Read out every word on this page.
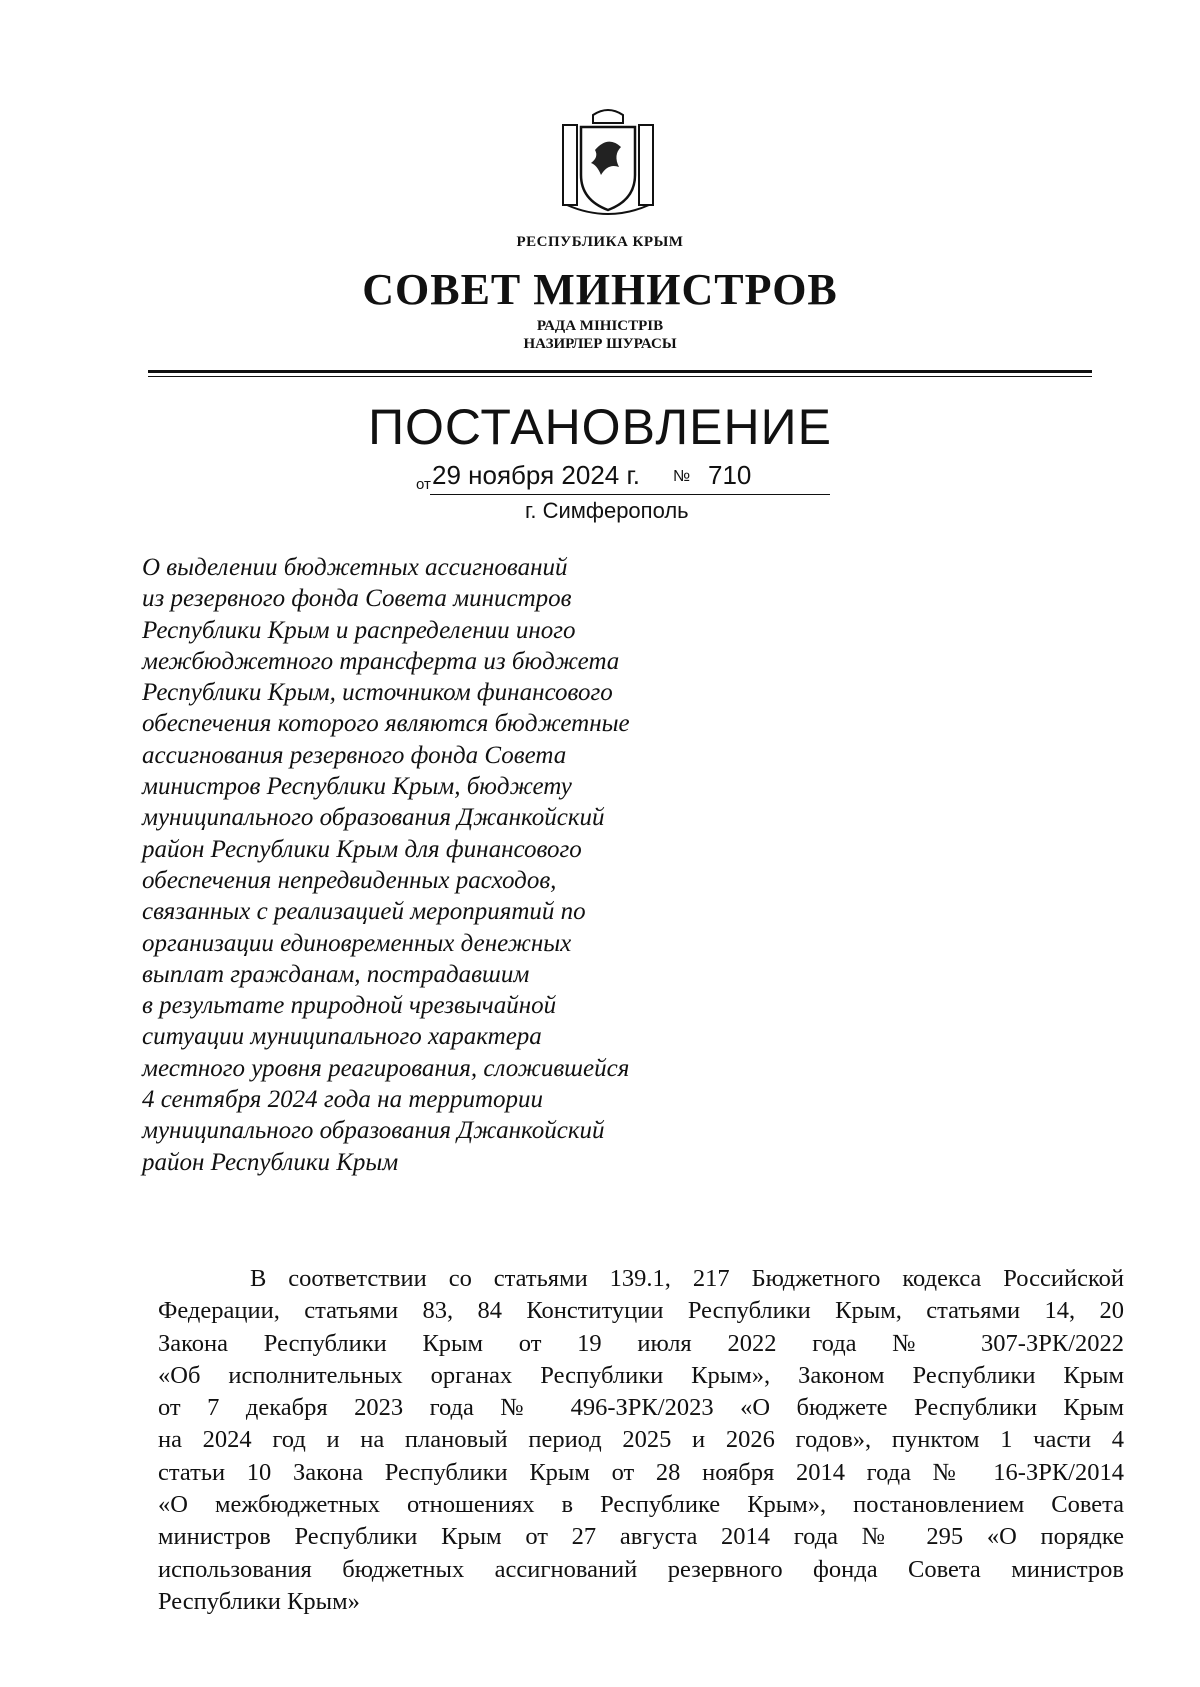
РЕСПУБЛИКА КРЫМ
СОВЕТ МИНИСТРОВ
РАДА МІНІСТРІВ
НАЗИРЛЕР ШУРАСЫ
ПОСТАНОВЛЕНИЕ
от 29 ноября 2024 г. № 710
г. Симферополь
О выделении бюджетных ассигнований
из резервного фонда Совета министров
Республики Крым и распределении иного
межбюджетного трансферта из бюджета
Республики Крым, источником финансового
обеспечения которого являются бюджетные
ассигнования резервного фонда Совета
министров Республики Крым, бюджету
муниципального образования Джанкойский
район Республики Крым для финансового
обеспечения непредвиденных расходов,
связанных с реализацией мероприятий по
организации единовременных денежных
выплат гражданам, пострадавшим
в результате природной чрезвычайной
ситуации муниципального характера
местного уровня реагирования, сложившейся
4 сентября 2024 года на территории
муниципального образования Джанкойский
район Республики Крым
В соответствии со статьями 139.1, 217 Бюджетного кодекса Российской
Федерации, статьями 83, 84 Конституции Республики Крым, статьями 14, 20
Закона Республики Крым от 19 июля 2022 года № 307-ЗРК/2022
«Об исполнительных органах Республики Крым», Законом Республики Крым
от 7 декабря 2023 года № 496-ЗРК/2023 «О бюджете Республики Крым
на 2024 год и на плановый период 2025 и 2026 годов», пунктом 1 части 4
статьи 10 Закона Республики Крым от 28 ноября 2014 года № 16-ЗРК/2014
«О межбюджетных отношениях в Республике Крым», постановлением Совета
министров Республики Крым от 27 августа 2014 года № 295 «О порядке
использования бюджетных ассигнований резервного фонда Совета министров
Республики Крым»
